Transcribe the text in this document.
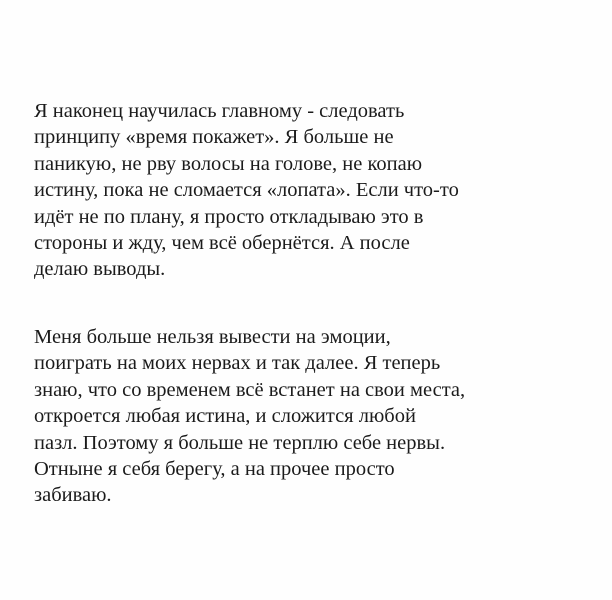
Я наконец научилась главному - следовать
принципу «время покажет». Я больше не
паникую, не рву волосы на голове, не копаю
истину, пока не сломается «лопата». Если что-то
идёт не по плану, я просто откладываю это в
стороны и жду, чем всё обернётся. А после
делаю выводы.
Меня больше нельзя вывести на эмоции,
поиграть на моих нервах и так далее. Я теперь
знаю, что со временем всё встанет на свои места,
откроется любая истина, и сложится любой
пазл. Поэтому я больше не терплю себе нервы.
Отныне я себя берегу, а на прочее просто
забиваю.
